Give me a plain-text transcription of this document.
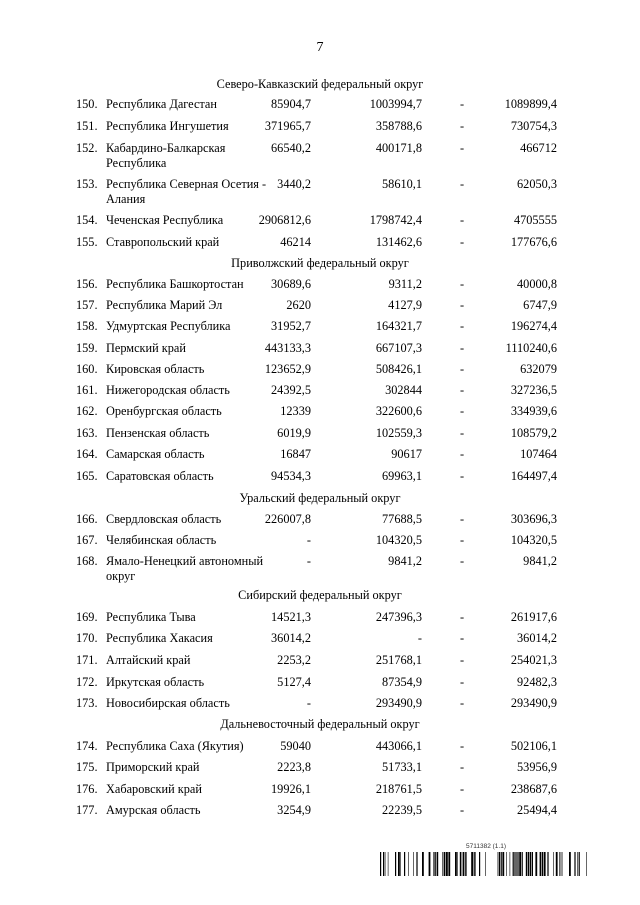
7
Северо-Кавказский федеральный округ
150. Республика Дагестан	85904,7	1003994,7	-	1089899,4
151. Республика Ингушетия	371965,7	358788,6	-	730754,3
152. Кабардино-Балкарская Республика
66540,2	400171,8	-	466712
153. Республика Северная Осетия - Алания
3440,2	58610,1	-	62050,3
154. Чеченская Республика	2906812,6	1798742,4	-	4705555
155. Ставропольский край	46214	131462,6	-	177676,6
Приволжский федеральный округ
156. Республика Башкортостан	30689,6	9311,2	-	40000,8
157. Республика Марий Эл	2620	4127,9	-	6747,9
158. Удмуртская Республика	31952,7	164321,7	-	196274,4
159. Пермский край	443133,3	667107,3	-	1110240,6
160. Кировская область	123652,9	508426,1	-	632079
161. Нижегородская область	24392,5	302844	-	327236,5
162. Оренбургская область	12339	322600,6	-	334939,6
163. Пензенская область	6019,9	102559,3	-	108579,2
164. Самарская область	16847	90617	-	107464
165. Саратовская область	94534,3	69963,1	-	164497,4
Уральский федеральный округ
166. Свердловская область	226007,8	77688,5	-	303696,3
167. Челябинская область	-	104320,5	-	104320,5
168. Ямало-Ненецкий автономный округ
-	9841,2	-	9841,2
Сибирский федеральный округ
169. Республика Тыва	14521,3	247396,3	-	261917,6
170. Республика Хакасия	36014,2	-	-	36014,2
171. Алтайский край	2253,2	251768,1	-	254021,3
172. Иркутская область	5127,4	87354,9	-	92482,3
173. Новосибирская область	-	293490,9	-	293490,9
Дальневосточный федеральный округ
174. Республика Саха (Якутия)	59040	443066,1	-	502106,1
175. Приморский край	2223,8	51733,1	-	53956,9
176. Хабаровский край	19926,1	218761,5	-	238687,6
177. Амурская область	3254,9	22239,5	-	25494,4
5711382 (1.1)
